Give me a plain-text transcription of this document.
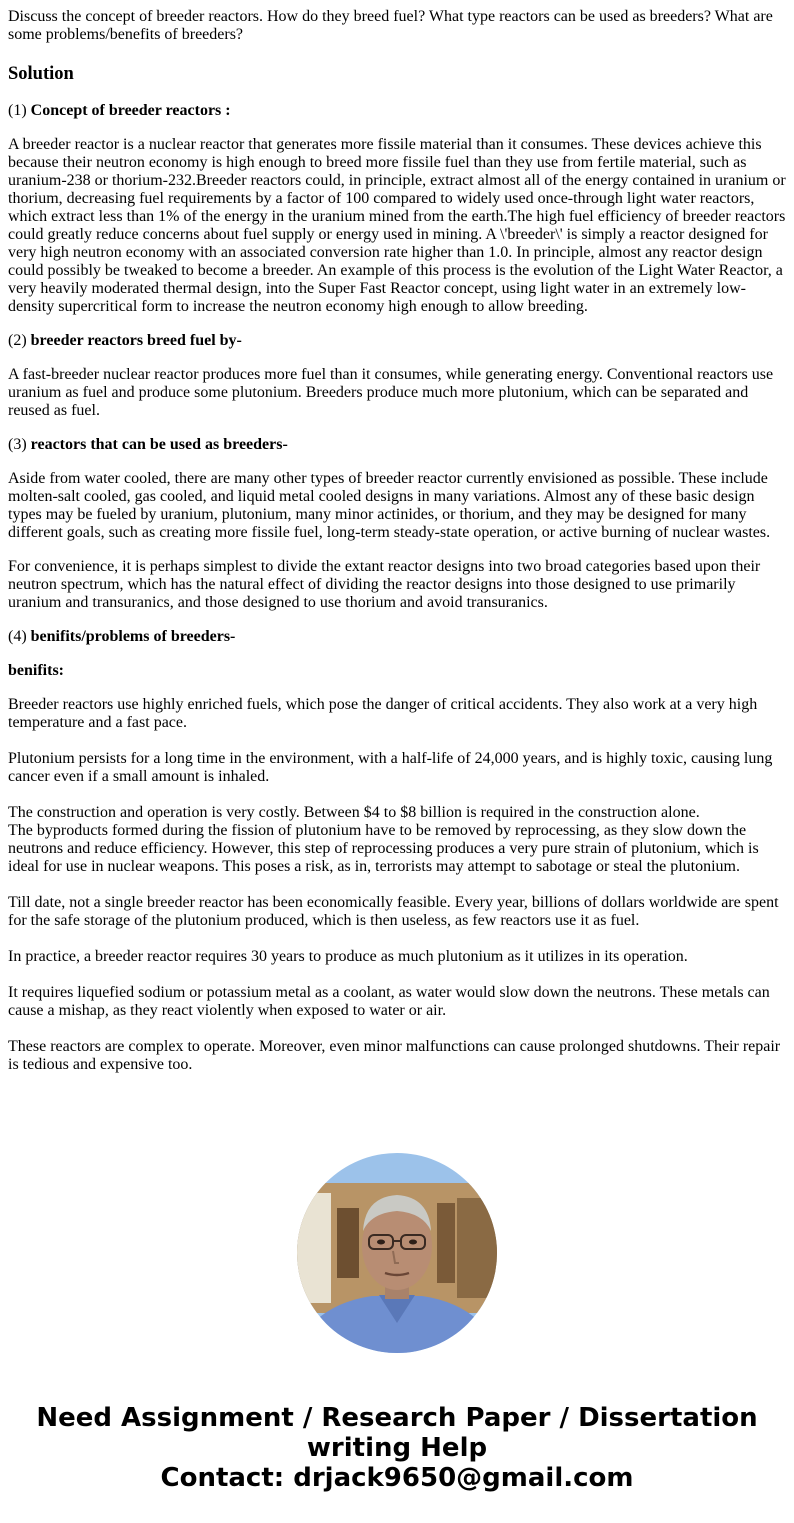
Discuss the concept of breeder reactors. How do they breed fuel? What type reactors can be used as breeders? What are some problems/benefits of breeders?

Solution

(1) Concept of breeder reactors :

A breeder reactor is a nuclear reactor that generates more fissile material than it consumes. These devices achieve this because their neutron economy is high enough to breed more fissile fuel than they use from fertile material, such as uranium-238 or thorium-232.Breeder reactors could, in principle, extract almost all of the energy contained in uranium or thorium, decreasing fuel requirements by a factor of 100 compared to widely used once-through light water reactors, which extract less than 1% of the energy in the uranium mined from the earth.The high fuel efficiency of breeder reactors could greatly reduce concerns about fuel supply or energy used in mining. A \'breeder\' is simply a reactor designed for very high neutron economy with an associated conversion rate higher than 1.0. In principle, almost any reactor design could possibly be tweaked to become a breeder. An example of this process is the evolution of the Light Water Reactor, a very heavily moderated thermal design, into the Super Fast Reactor concept, using light water in an extremely low-density supercritical form to increase the neutron economy high enough to allow breeding.

(2) breeder reactors breed fuel by-

A fast-breeder nuclear reactor produces more fuel than it consumes, while generating energy. Conventional reactors use uranium as fuel and produce some plutonium. Breeders produce much more plutonium, which can be separated and reused as fuel.

(3) reactors that can be used as breeders-

Aside from water cooled, there are many other types of breeder reactor currently envisioned as possible. These include molten-salt cooled, gas cooled, and liquid metal cooled designs in many variations. Almost any of these basic design types may be fueled by uranium, plutonium, many minor actinides, or thorium, and they may be designed for many different goals, such as creating more fissile fuel, long-term steady-state operation, or active burning of nuclear wastes.

For convenience, it is perhaps simplest to divide the extant reactor designs into two broad categories based upon their neutron spectrum, which has the natural effect of dividing the reactor designs into those designed to use primarily uranium and transuranics, and those designed to use thorium and avoid transuranics.

(4) benifits/problems of breeders-

benifits:

Breeder reactors use highly enriched fuels, which pose the danger of critical accidents. They also work at a very high temperature and a fast pace.
Plutonium persists for a long time in the environment, with a half-life of 24,000 years, and is highly toxic, causing lung cancer even if a small amount is inhaled.
The construction and operation is very costly. Between $4 to $8 billion is required in the construction alone.
The byproducts formed during the fission of plutonium have to be removed by reprocessing, as they slow down the neutrons and reduce efficiency. However, this step of reprocessing produces a very pure strain of plutonium, which is ideal for use in nuclear weapons. This poses a risk, as in, terrorists may attempt to sabotage or steal the plutonium.
Till date, not a single breeder reactor has been economically feasible. Every year, billions of dollars worldwide are spent for the safe storage of the plutonium produced, which is then useless, as few reactors use it as fuel.
In practice, a breeder reactor requires 30 years to produce as much plutonium as it utilizes in its operation.
It requires liquefied sodium or potassium metal as a coolant, as water would slow down the neutrons. These metals can cause a mishap, as they react violently when exposed to water or air.
These reactors are complex to operate. Moreover, even minor malfunctions can cause prolonged shutdowns. Their repair is tedious and expensive too.
Need Assignment / Research Paper / Dissertation
writing Help
Contact: drjack9650@gmail.com
